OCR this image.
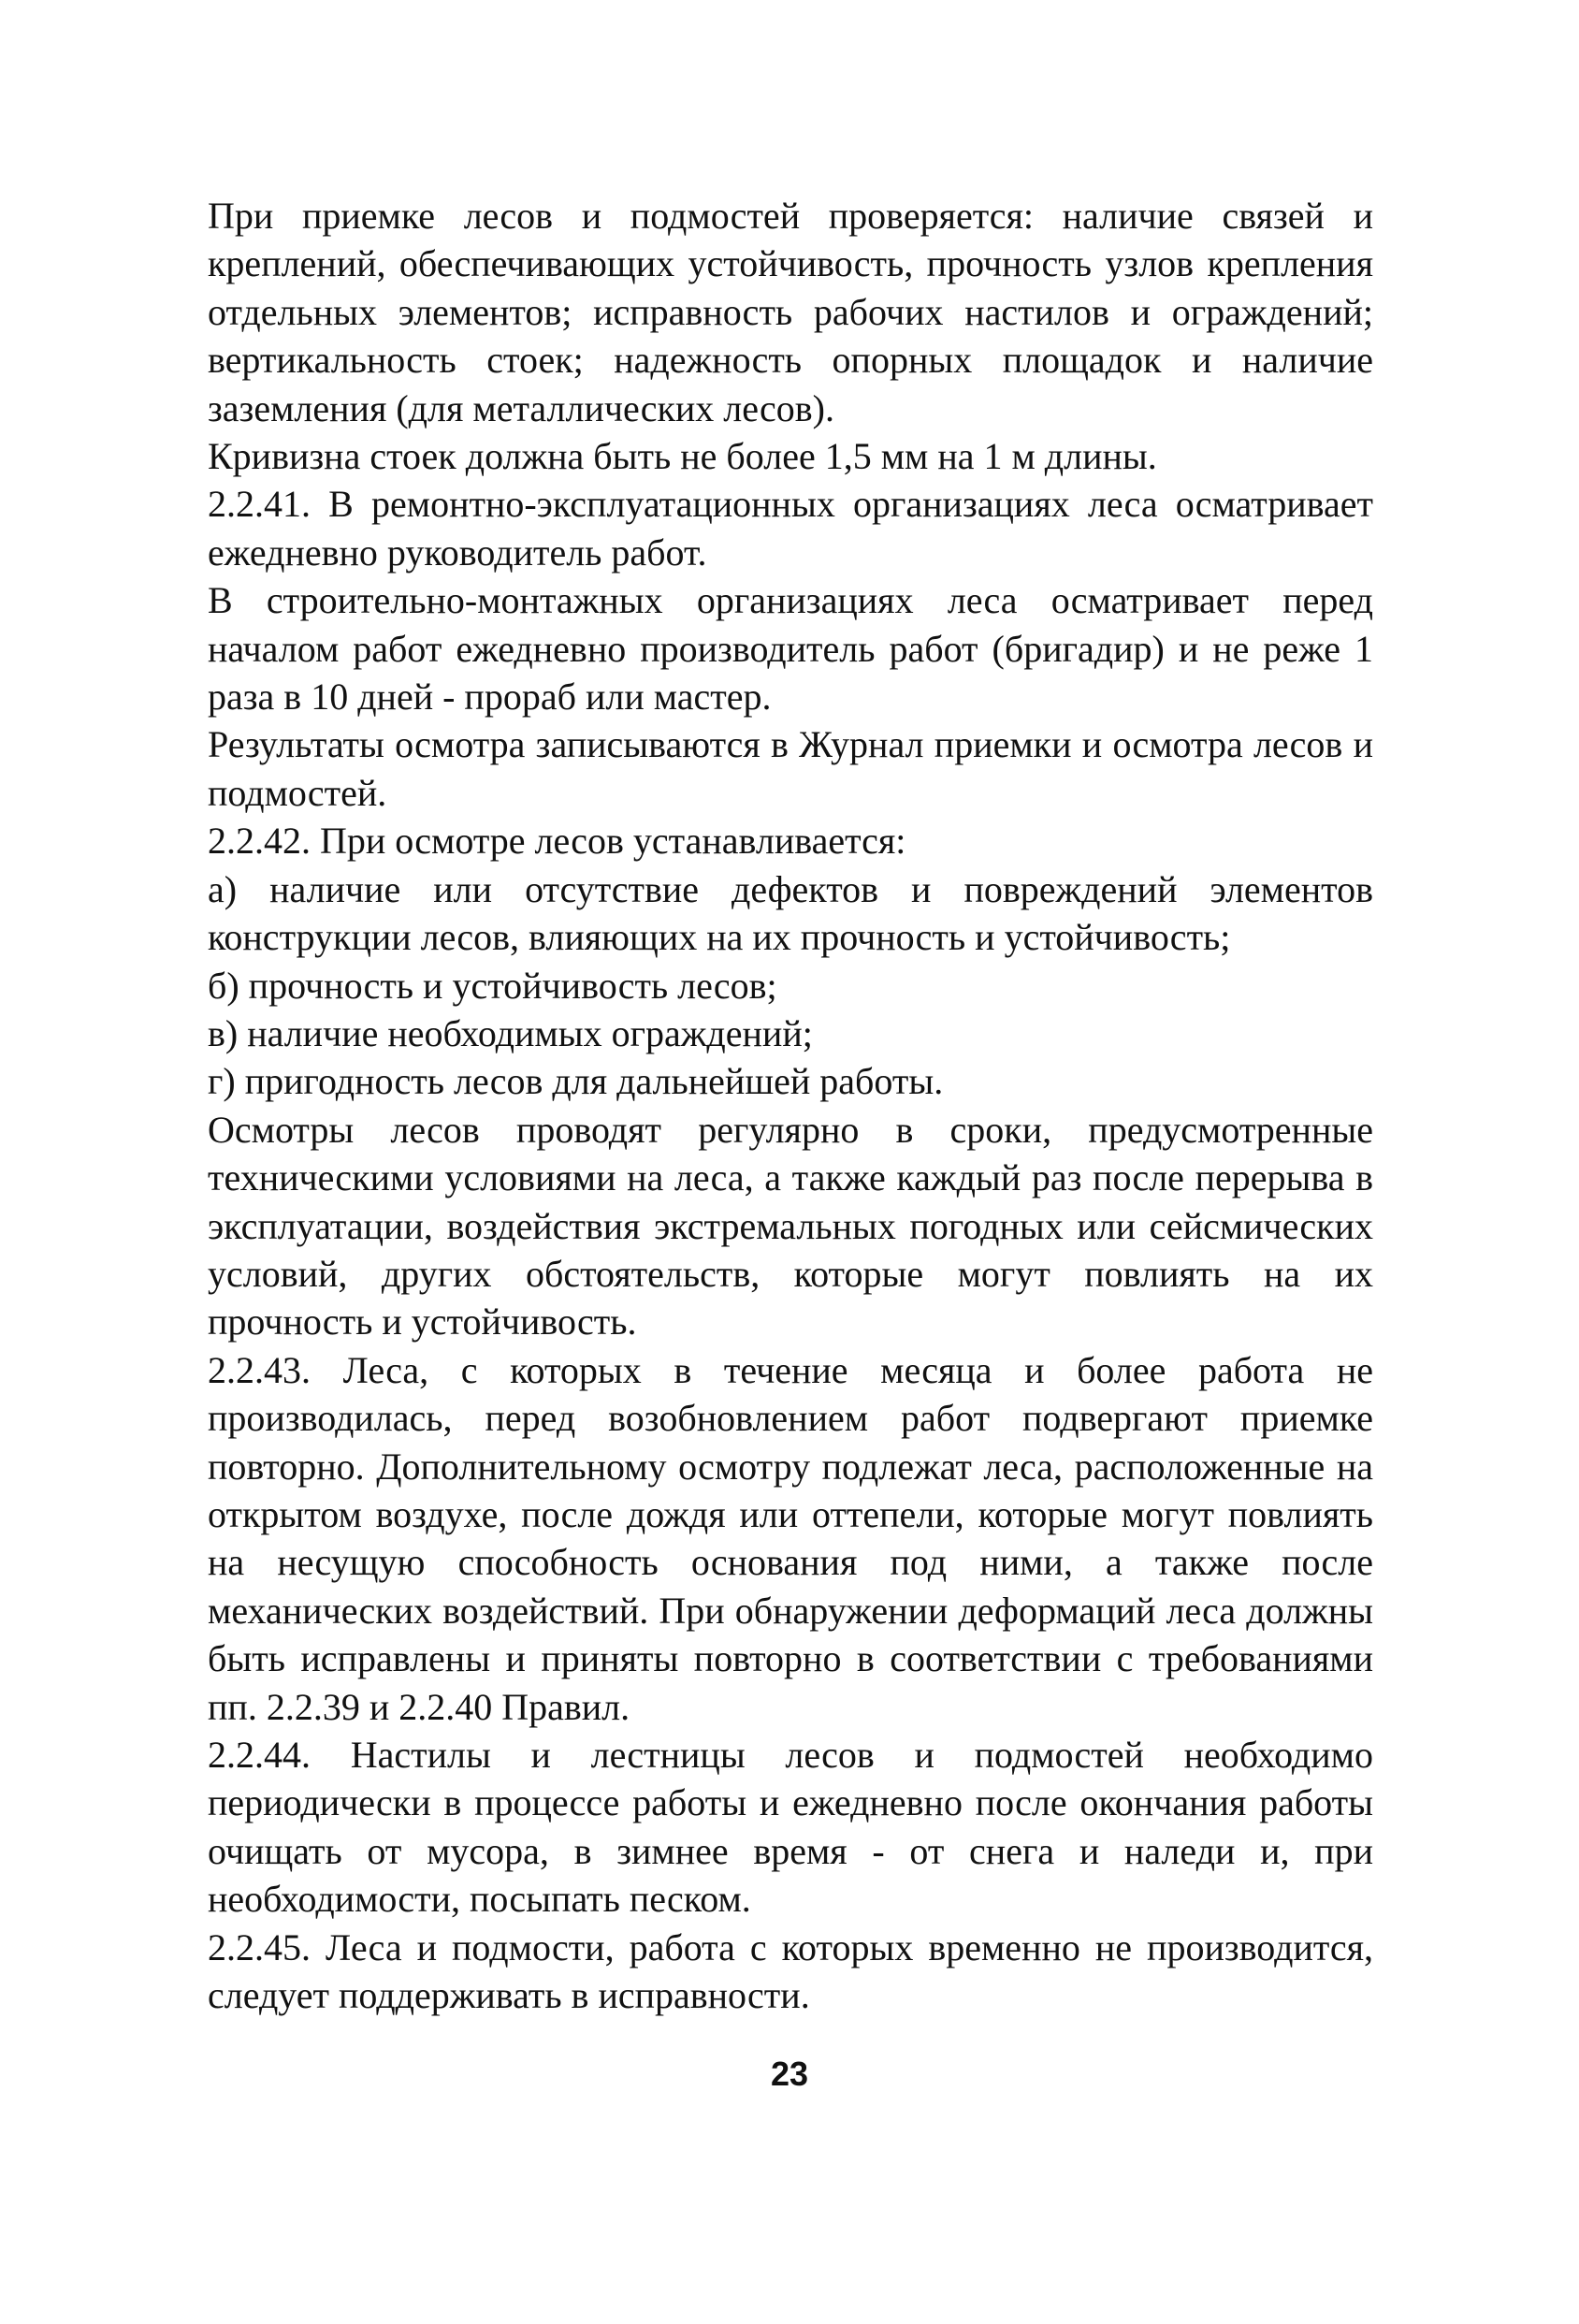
При приемке лесов и подмостей проверяется: наличие связей и креплений, обеспечивающих устойчивость, прочность узлов крепления отдельных элементов; исправность рабочих настилов и ограждений; вертикальность стоек; надежность опорных площадок и наличие заземления (для металлических лесов).

Кривизна стоек должна быть не более 1,5 мм на 1 м длины.

2.2.41. В ремонтно-эксплуатационных организациях леса осматривает ежедневно руководитель работ.

В строительно-монтажных организациях леса осматривает перед началом работ ежедневно производитель работ (бригадир) и не реже 1 раза в 10 дней - прораб или мастер.

Результаты осмотра записываются в Журнал приемки и осмотра лесов и подмостей.

2.2.42. При осмотре лесов устанавливается:

а) наличие или отсутствие дефектов и повреждений элементов конструкции лесов, влияющих на их прочность и устойчивость;

б) прочность и устойчивость лесов;

в) наличие необходимых ограждений;

г) пригодность лесов для дальнейшей работы.

Осмотры лесов проводят регулярно в сроки, предусмотренные техническими условиями на леса, а также каждый раз после перерыва в эксплуатации, воздействия экстремальных погодных или сейсмических условий, других обстоятельств, которые могут повлиять на их прочность и устойчивость.

2.2.43. Леса, с которых в течение месяца и более работа не производилась, перед возобновлением работ подвергают приемке повторно. Дополнительному осмотру подлежат леса, расположенные на открытом воздухе, после дождя или оттепели, которые могут повлиять на несущую способность основания под ними, а также после механических воздействий. При обнаружении деформаций леса должны быть исправлены и приняты повторно в соответствии с требованиями пп. 2.2.39 и 2.2.40 Правил.

2.2.44. Настилы и лестницы лесов и подмостей необходимо периодически в процессе работы и ежедневно после окончания работы очищать от мусора, в зимнее время - от снега и наледи и, при необходимости, посыпать песком.

2.2.45. Леса и подмости, работа с которых временно не производится, следует поддерживать в исправности.

23
